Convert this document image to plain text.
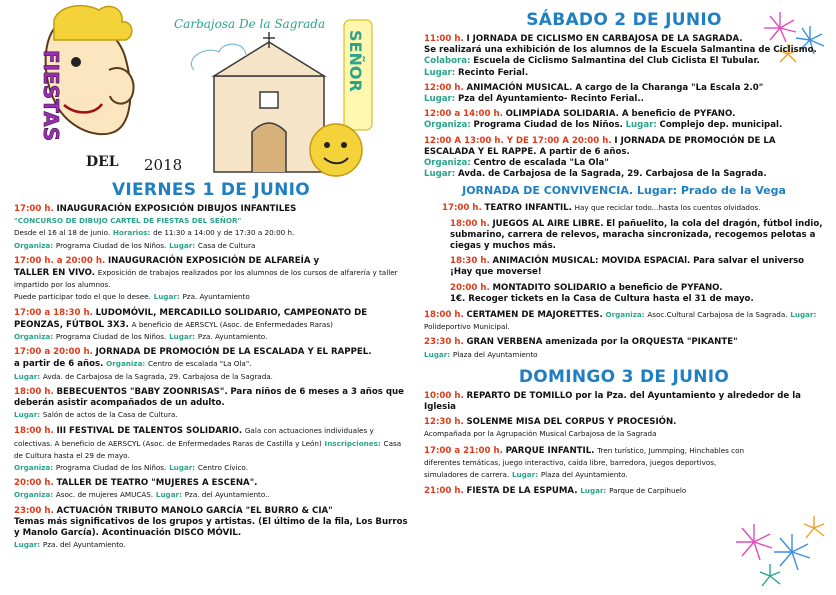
FIESTAS
DEL 2018
Carbajosa De la Sagrada
SEÑOR
VIERNES 1 DE JUNIO
17:00 h. INAUGURACIÓN EXPOSICIÓN DIBUJOS INFANTILES
"CONCURSO DE DIBUJO CARTEL DE FIESTAS DEL SEÑOR"
Desde el 16 al 18 de junio. Horarios: de 11:30 a 14:00 y de 17:30 a 20:00 h.
Organiza: Programa Ciudad de los Niños. Lugar: Casa de Cultura
17:00 h. a 20:00 h. INAUGURACIÓN EXPOSICIÓN DE ALFAREÍA y
TALLER EN VIVO. Exposición de trabajos realizados por los alumnos de los cursos de alfarería y taller impartido por los alumnos.
Puede participar todo el que lo desee. Lugar: Pza. Ayuntamiento
17:00 a 18:30 h. LUDOMÓVIL, MERCADILLO SOLIDARIO, CAMPEONATO DE PEONZAS, FÚTBOL 3X3. A beneficio de AERSCYL (Asoc. de Enfermedades Raras)
Organiza: Programa Ciudad de los Niños. Lugar: Pza. Ayuntamiento.
17:00 a 20:00 h. JORNADA DE PROMOCIÓN DE LA ESCALADA Y EL RAPPEL.
a partir de 6 años. Organiza: Centro de escalada "La Ola".
Lugar: Avda. de Carbajosa de la Sagrada, 29. Carbajosa de la Sagrada.
18:00 h. BEBECUENTOS "BABY ZOONRISAS". Para niños de 6 meses a 3 años que deberán asistir acompañados de un adulto.
Lugar: Salón de actos de la Casa de Cultura.
18:00 h. III FESTIVAL DE TALENTOS SOLIDARIO. Gala con actuaciones individuales y colectivas. A beneficio de AERSCYL (Asoc. de Enfermedades Raras de Castilla y León) Inscripciones: Casa de Cultura hasta el 29 de mayo.
Organiza: Programa Ciudad de los Niños. Lugar: Centro Cívico.
20:00 h. TALLER DE TEATRO "MUJERES A ESCENA".
Organiza: Asoc. de mujeres AMUCAS. Lugar: Pza. del Ayuntamiento..
23:00 h. ACTUACIÓN TRIBUTO MANOLO GARCÍA "EL BURRO & CIA"
Temas más significativos de los grupos y artistas. (El último de la fila, Los Burros y Manolo García). Acontinuación DISCO MÓVIL.
Lugar: Pza. del Ayuntamiento.
SÁBADO 2 DE JUNIO
11:00 h. I JORNADA DE CICLISMO EN CARBAJOSA DE LA SAGRADA.
Se realizará una exhibición de los alumnos de la Escuela Salmantina de Ciclismo.
Colabora: Escuela de Ciclismo Salmantina del Club Ciclista El Tubular.
Lugar: Recinto Ferial.
12:00 h. ANIMACIÓN MUSICAL. A cargo de la Charanga "La Escala 2.0"
Lugar: Pza del Ayuntamiento- Recinto Ferial..
12:00 a 14:00 h. OLIMPÍADA SOLIDARIA. A beneficio de PYFANO.
Organiza: Programa Ciudad de los Niños. Lugar: Complejo dep. municipal.
12:00 A 13:00 h. Y DE 17:00 A 20:00 h. I JORNADA DE PROMOCIÓN DE LA ESCALADA Y EL RAPPE. A partir de 6 años.
Organiza: Centro de escalada "La Ola"
Lugar: Avda. de Carbajosa de la Sagrada, 29. Carbajosa de la Sagrada.
JORNADA DE CONVIVENCIA. Lugar: Prado de la Vega
17:00 h. TEATRO INFANTIL. Hay que reciclar todo...hasta los cuentos olvidados.
18:00 h. JUEGOS AL AIRE LIBRE. El pañuelito, la cola del dragón, fútbol indio, submarino, carrera de relevos, maracha sincronizada, recogemos pelotas a ciegas y muchos más.
18:30 h. ANIMACIÓN MUSICAL: MOVIDA ESPACIAl. Para salvar el universo ¡Hay que moverse!
20:00 h. MONTADITO SOLIDARIO a beneficio de PYFANO.
1€. Recoger tickets en la Casa de Cultura hasta el 31 de mayo.
18:00 h. CERTAMEN DE MAJORETTES. Organiza: Asoc.Cultural Carbajosa de la Sagrada. Lugar: Polideportivo Municipal.
23:30 h. GRAN VERBENA amenizada por la ORQUESTA "PIKANTE"
Lugar: Plaza del Ayuntamiento
DOMINGO 3 DE JUNIO
10:00 h. REPARTO DE TOMILLO por la Pza. del Ayuntamiento y alrededor de la Iglesia
12:30 h. SOLENME MISA DEL CORPUS Y PROCESIÓN.
Acompañada por la Agrupación Musical Carbajosa de la Sagrada
17:00 a 21:00 h. PARQUE INFANTIL. Tren turístico, Jummping, Hinchables con diferentes temáticas, juego interactivo, caída libre, barredora, juegos deportivos, simuladores de carrera. Lugar: Plaza del Ayuntamiento.
21:00 h. FIESTA DE LA ESPUMA. Lugar: Parque de Carpihuelo
